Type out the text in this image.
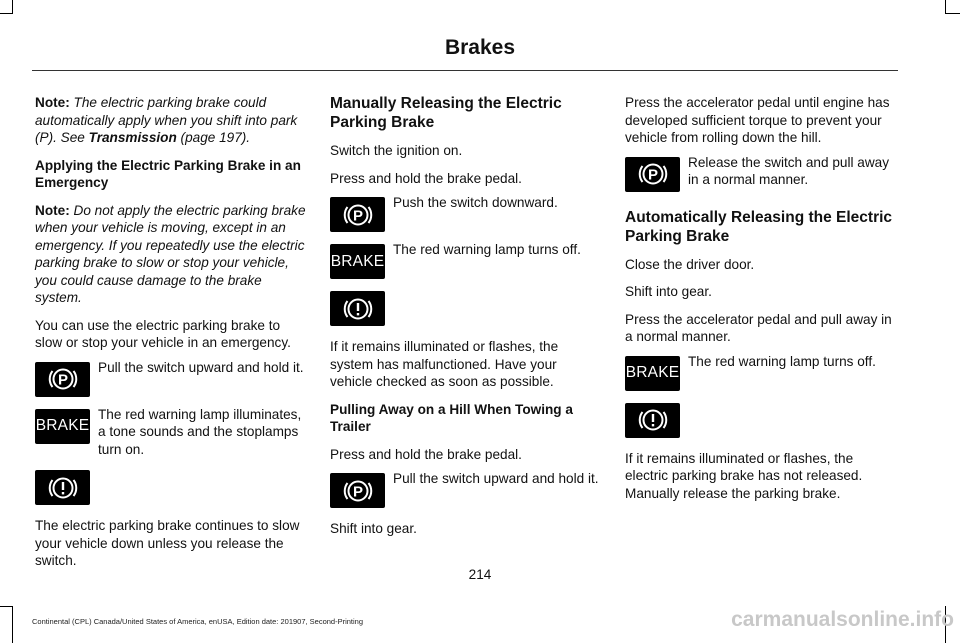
Brakes

Note: The electric parking brake could automatically apply when you shift into park (P). See Transmission (page 197).

Applying the Electric Parking Brake in an Emergency

Note: Do not apply the electric parking brake when your vehicle is moving, except in an emergency. If you repeatedly use the electric parking brake to slow or stop your vehicle, you could cause damage to the brake system.

You can use the electric parking brake to slow or stop your vehicle in an emergency.

P
Pull the switch upward and hold it.
BRAKE
The red warning lamp illuminates, a tone sounds and the stoplamps turn on.

The electric parking brake continues to slow your vehicle down unless you release the switch.

Manually Releasing the Electric Parking Brake

Switch the ignition on.

Press and hold the brake pedal.

P
Push the switch downward.
BRAKE
The red warning lamp turns off.

If it remains illuminated or flashes, the system has malfunctioned. Have your vehicle checked as soon as possible.

Pulling Away on a Hill When Towing a Trailer

Press and hold the brake pedal.

P
Pull the switch upward and hold it.

Shift into gear.

Press the accelerator pedal until engine has developed sufficient torque to prevent your vehicle from rolling down the hill.

P
Release the switch and pull away in a normal manner.

Automatically Releasing the Electric Parking Brake

Close the driver door.

Shift into gear.

Press the accelerator pedal and pull away in a normal manner.

BRAKE
The red warning lamp turns off.

If it remains illuminated or flashes, the electric parking brake has not released. Manually release the parking brake.

214
Continental (CPL) Canada/United States of America, enUSA, Edition date: 201907, Second-Printing	carmanualsonline.info
